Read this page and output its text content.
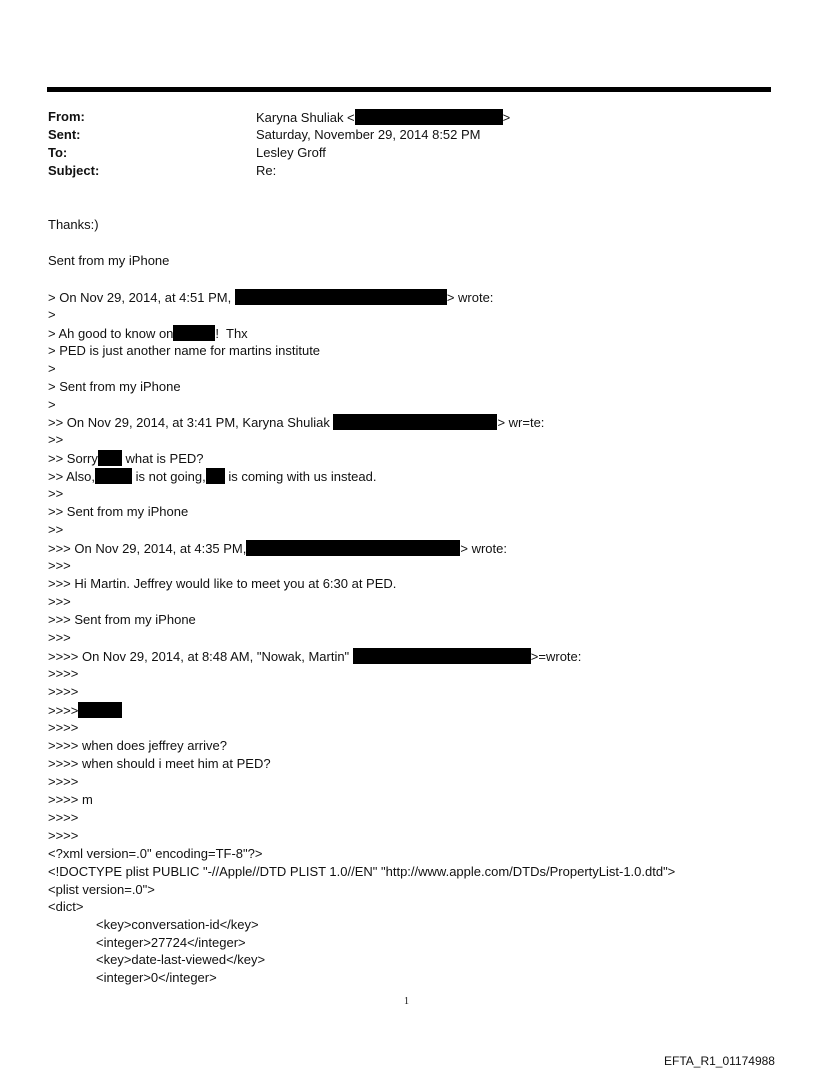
From:	Karyna Shuliak <	>
Sent:	Saturday, November 29, 2014 8:52 PM
To:	Lesley Groff
Subject:	Re:
Thanks:)
Sent from my iPhone
> On Nov 29, 2014, at 4:51 PM,	> wrote:
>
> Ah good to know on	!  Thx
> PED is just another name for martins institute
>
> Sent from my iPhone
>
>> On Nov 29, 2014, at 3:41 PM, Karyna Shuliak	> wr=te:
>>
>> Sorry what is PED?
>> Also,	is not going, is coming with us instead.
>>
>> Sent from my iPhone
>>
>>> On Nov 29, 2014, at 4:35 PM,	> wrote:
>>>
>>> Hi Martin. Jeffrey would like to meet you at 6:30 at PED.
>>>
>>> Sent from my iPhone
>>>
>>>> On Nov 29, 2014, at 8:48 AM, "Nowak, Martin"	>=wrote:
>>>>
>>>>
>>>>
>>>>
>>>> when does jeffrey arrive?
>>>> when should i meet him at PED?
>>>>
>>>> m
>>>>
>>>>
<?xml version=.0" encoding=TF-8"?>
<!DOCTYPE plist PUBLIC "-//Apple//DTD PLIST 1.0//EN" "http://www.apple.com/DTDs/PropertyList-1.0.dtd">
<plist version=.0">
<dict>
<key>conversation-id</key>
<integer>27724</integer>
<key>date-last-viewed</key>
<integer>0</integer>
1
EFTA_R1_01174988
